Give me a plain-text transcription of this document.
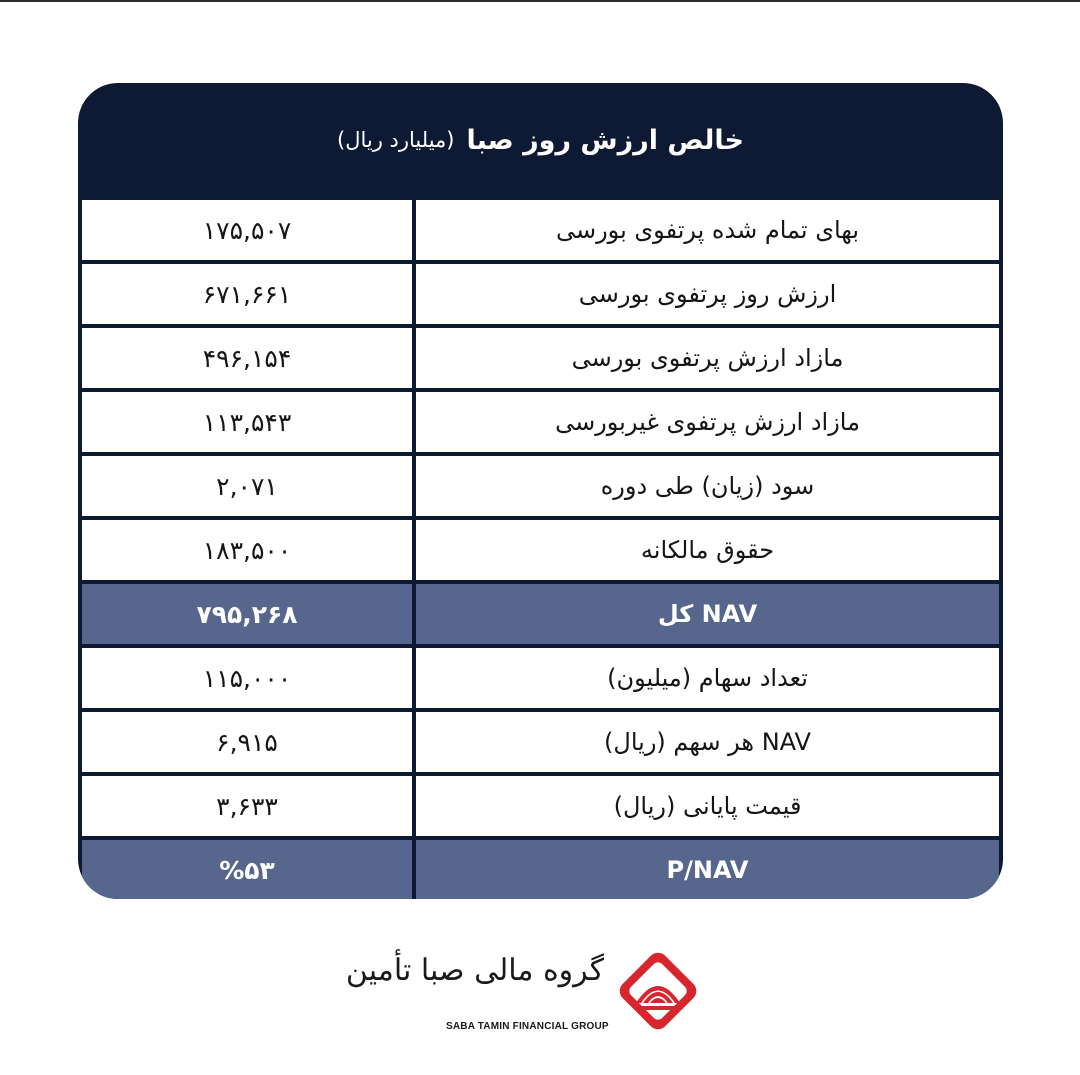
خالص ارزش روز صبا
(میلیارد ریال)
۱۷۵,۵۰۷	بهای تمام شده پرتفوی بورسی
۶۷۱,۶۶۱	ارزش روز پرتفوی بورسی
۴۹۶,۱۵۴	مازاد ارزش پرتفوی بورسی
۱۱۳,۵۴۳	مازاد ارزش پرتفوی غیربورسی
۲,۰۷۱	سود (زیان) طی دوره
۱۸۳,۵۰۰	حقوق مالکانه
۷۹۵,۲۶۸	NAV کل
۱۱۵,۰۰۰	تعداد سهام (میلیون)
۶,۹۱۵	NAV هر سهم (ریال)
۳,۶۳۳	قیمت پایانی (ریال)
%۵۳	P/NAV
گروه مالی صبا تأمین
SABA TAMIN FINANCIAL GROUP
